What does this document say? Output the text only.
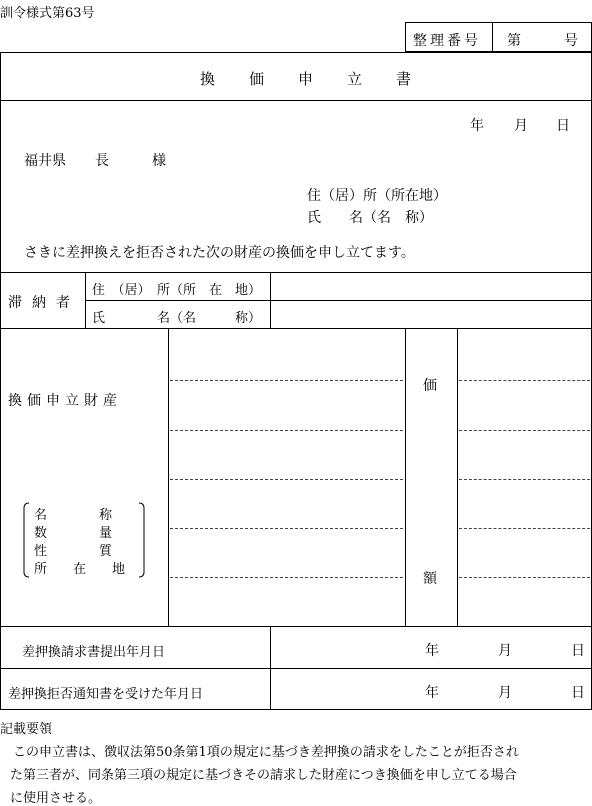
訓令様式第63号
整理番号 第	号
換価申立書
年 月 日
福井県 長	様
住（居）所（所在地）
氏　　名（名　称）
さきに差押換えを拒否された次の財産の換価を申し立てます。
滞納者
住　（居）　所（所　在　地）
氏　　　　名（名　　　称）
換価申立財産
名　　　　称
数　　　　量
性　　　　質
所　　在　　地
価
額
差押換請求書提出年月日	年	月	日
差押換拒否通知書を受けた年月日	年	月	日
記載要領
　この申立書は、徴収法第50条第1項の規定に基づき差押換の請求をしたことが拒否され
た第三者が、同条第三項の規定に基づきその請求した財産につき換価を申し立てる場合
に使用させる。
